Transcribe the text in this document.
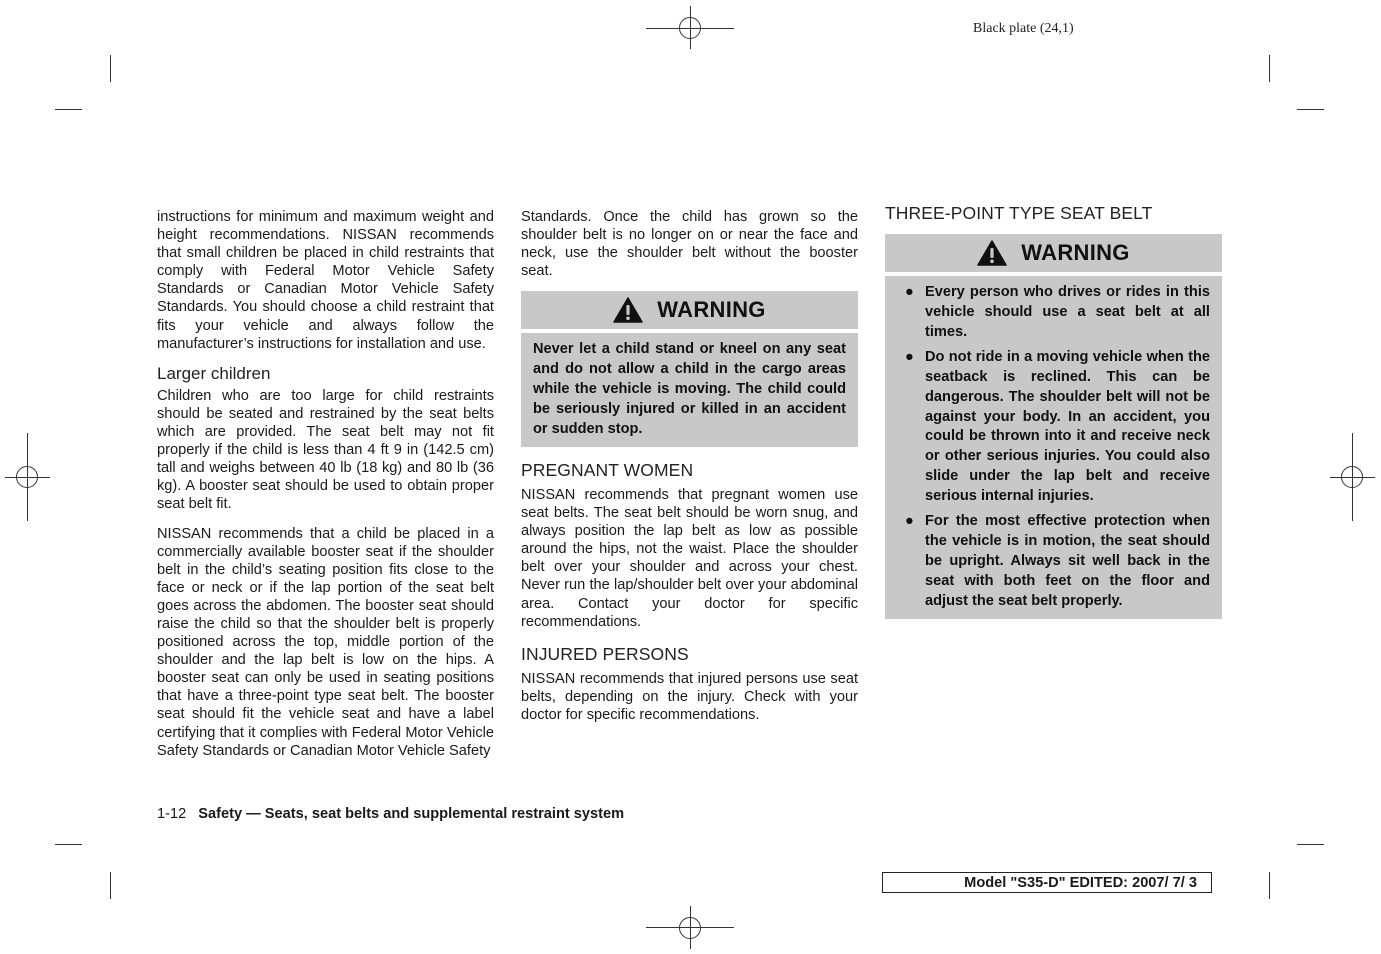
Black plate (24,1)

instructions for minimum and maximum weight and height recommendations. NISSAN recommends that small children be placed in child restraints that comply with Federal Motor Vehicle Safety Standards or Canadian Motor Vehicle Safety Standards. You should choose a child restraint that fits your vehicle and always follow the manufacturer’s instructions for installation and use.

Larger children

Children who are too large for child restraints should be seated and restrained by the seat belts which are provided. The seat belt may not fit properly if the child is less than 4 ft 9 in (142.5 cm) tall and weighs between 40 lb (18 kg) and 80 lb (36 kg). A booster seat should be used to obtain proper seat belt fit.

NISSAN recommends that a child be placed in a commercially available booster seat if the shoulder belt in the child’s seating position fits close to the face or neck or if the lap portion of the seat belt goes across the abdomen. The booster seat should raise the child so that the shoulder belt is properly positioned across the top, middle portion of the shoulder and the lap belt is low on the hips. A booster seat can only be used in seating positions that have a three-point type seat belt. The booster seat should fit the vehicle seat and have a label certifying that it complies with Federal Motor Vehicle Safety Standards or Canadian Motor Vehicle Safety

Standards. Once the child has grown so the shoulder belt is no longer on or near the face and neck, use the shoulder belt without the booster seat.

WARNING
Never let a child stand or kneel on any seat and do not allow a child in the cargo areas while the vehicle is moving. The child could be seriously injured or killed in an accident or sudden stop.
PREGNANT WOMEN

NISSAN recommends that pregnant women use seat belts. The seat belt should be worn snug, and always position the lap belt as low as possible around the hips, not the waist. Place the shoulder belt over your shoulder and across your chest. Never run the lap/shoulder belt over your abdominal area. Contact your doctor for specific recommendations.

INJURED PERSONS

NISSAN recommends that injured persons use seat belts, depending on the injury. Check with your doctor for specific recommendations.

THREE-POINT TYPE SEAT BELT
WARNING
● Every person who drives or rides in this vehicle should use a seat belt at all times.
● Do not ride in a moving vehicle when the seatback is reclined. This can be dangerous. The shoulder belt will not be against your body. In an accident, you could be thrown into it and receive neck or other serious injuries. You could also slide under the lap belt and receive serious internal injuries.
● For the most effective protection when the vehicle is in motion, the seat should be upright. Always sit well back in the seat with both feet on the floor and adjust the seat belt properly.
1-12 Safety — Seats, seat belts and supplemental restraint system
Model "S35-D" EDITED: 2007/ 7/ 3
